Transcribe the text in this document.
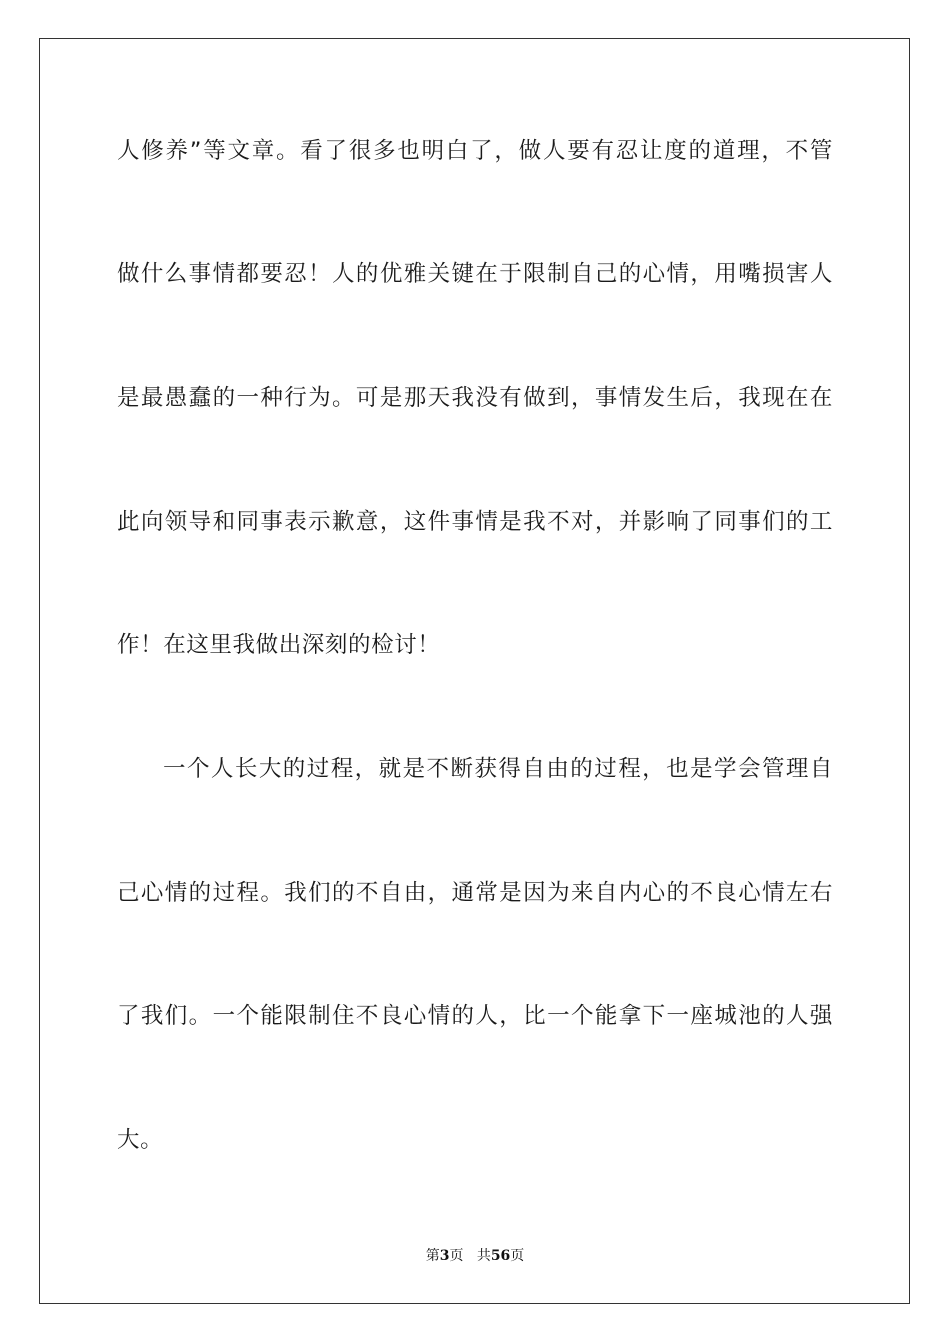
人修养”等文章。看了很多也明白了，做人要有忍让度的道理，不管
做什么事情都要忍！人的优雅关键在于限制自己的心情，用嘴损害人
是最愚蠢的一种行为。可是那天我没有做到，事情发生后，我现在在
此向领导和同事表示歉意，这件事情是我不对，并影响了同事们的工
作！在这里我做出深刻的检讨！
一个人长大的过程，就是不断获得自由的过程，也是学会管理自
己心情的过程。我们的不自由，通常是因为来自内心的不良心情左右
了我们。一个能限制住不良心情的人，比一个能拿下一座城池的人强
大。
第3页 共56页
